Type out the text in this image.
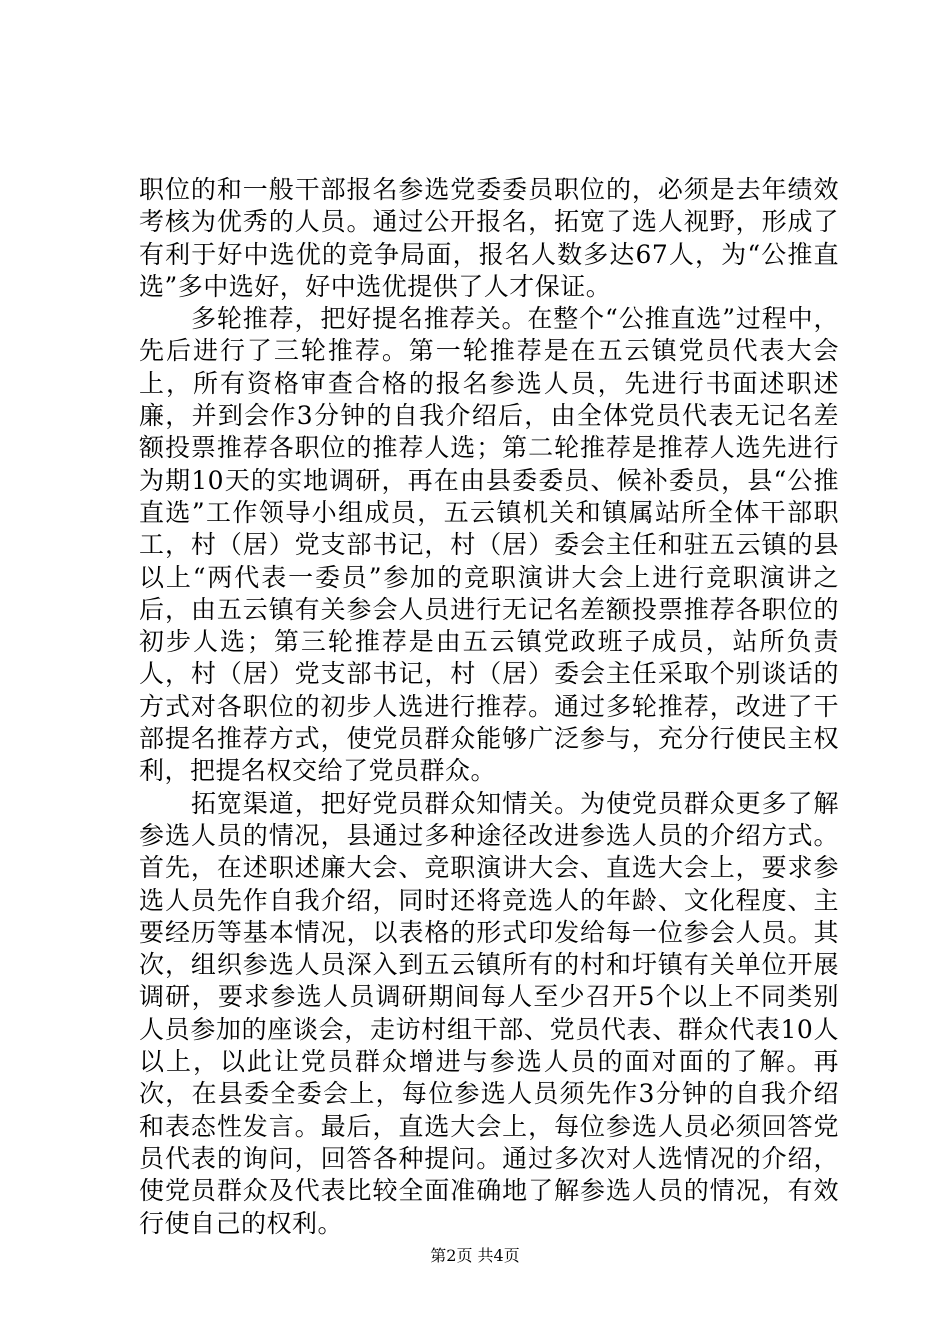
职位的和一般干部报名参选党委委员职位的，必须是去年绩效考核为优秀的人员。通过公开报名，拓宽了选人视野，形成了有利于好中选优的竞争局面，报名人数多达67人，为“公推直选”多中选好，好中选优提供了人才保证。

多轮推荐，把好提名推荐关。在整个“公推直选”过程中，先后进行了三轮推荐。第一轮推荐是在五云镇党员代表大会上，所有资格审查合格的报名参选人员，先进行书面述职述廉，并到会作3分钟的自我介绍后，由全体党员代表无记名差额投票推荐各职位的推荐人选；第二轮推荐是推荐人选先进行为期10天的实地调研，再在由县委委员、候补委员，县“公推直选”工作领导小组成员，五云镇机关和镇属站所全体干部职工，村（居）党支部书记，村（居）委会主任和驻五云镇的县以上“两代表一委员”参加的竞职演讲大会上进行竞职演讲之后，由五云镇有关参会人员进行无记名差额投票推荐各职位的初步人选；第三轮推荐是由五云镇党政班子成员，站所负责人，村（居）党支部书记，村（居）委会主任采取个别谈话的方式对各职位的初步人选进行推荐。通过多轮推荐，改进了干部提名推荐方式，使党员群众能够广泛参与，充分行使民主权利，把提名权交给了党员群众。

拓宽渠道，把好党员群众知情关。为使党员群众更多了解参选人员的情况，县通过多种途径改进参选人员的介绍方式。首先，在述职述廉大会、竞职演讲大会、直选大会上，要求参选人员先作自我介绍，同时还将竞选人的年龄、文化程度、主要经历等基本情况，以表格的形式印发给每一位参会人员。其次，组织参选人员深入到五云镇所有的村和圩镇有关单位开展调研，要求参选人员调研期间每人至少召开5个以上不同类别人员参加的座谈会，走访村组干部、党员代表、群众代表10人以上，以此让党员群众增进与参选人员的面对面的了解。再次，在县委全委会上，每位参选人员须先作3分钟的自我介绍和表态性发言。最后，直选大会上，每位参选人员必须回答党员代表的询问，回答各种提问。通过多次对人选情况的介绍，使党员群众及代表比较全面准确地了解参选人员的情况，有效行使自己的权利。

第2页 共4页
